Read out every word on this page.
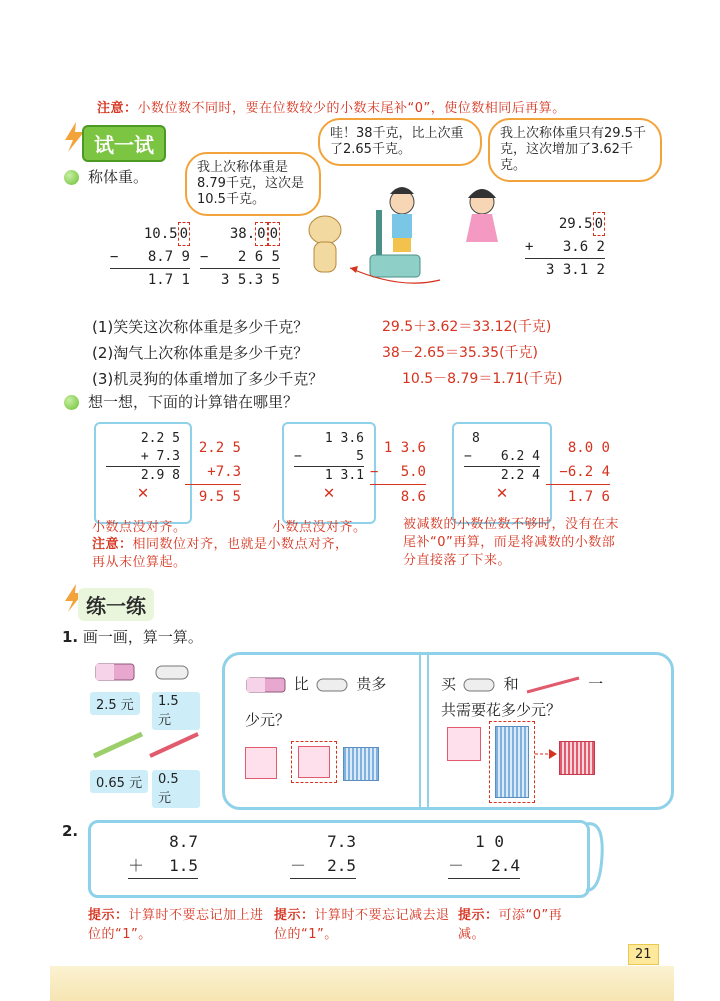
注意：小数位数不同时，要在位数较少的小数末尾补“0”，使位数相同后再算。
试一试
称体重。
我上次称体重是8.79千克，这次是10.5千克。
哇！38千克，比上次重了2.65千克。
我上次称体重只有29.5千克，这次增加了3.62千克。
10.5 0
− 8.7 9
1.7 1
38. 0 0
− 2 6 5
3 5.3 5
29.5 0
+ 3.6 2
3 3.1 2
(1)笑笑这次称体重是多少千克？	29.5＋3.62＝33.12(千克)
(2)淘气上次称体重是多少千克？	38－2.65＝35.35(千克)
(3)机灵狗的体重增加了多少千克？	10.5－8.79＝1.71(千克)
想一想，下面的计算错在哪里？
2.2 5
+ 7.3
2.9 8
✕
2.2 5
+7.3
9.5 5
1 3.6
−	5
1 3.1
✕
1 3.6
− 5.0
8.6
8
− 6.2 4
2.2 4
✕
8.0 0
−6.2 4
1.7 6
小数点没对齐。	小数点没对齐。	被减数的小数位数不够时，没有在末尾补“0”再算，而是将减数的小数部分直接落了下来。
注意：相同数位对齐，也就是小数点对齐，再从末位算起。
练一练
1. 画一画，算一算。
2.5 元	1.5 元
0.65 元	0.5 元
比	贵多
少元？
买	和	一
共需要花多少元？
2.
8.7
＋ 1.5
7.3
－ 2.5
1 0
－ 2.4
提示：计算时不要忘记加上进位的“1”。
提示：计算时不要忘记减去退位的“1”。
提示：可添“0”再减。
21
